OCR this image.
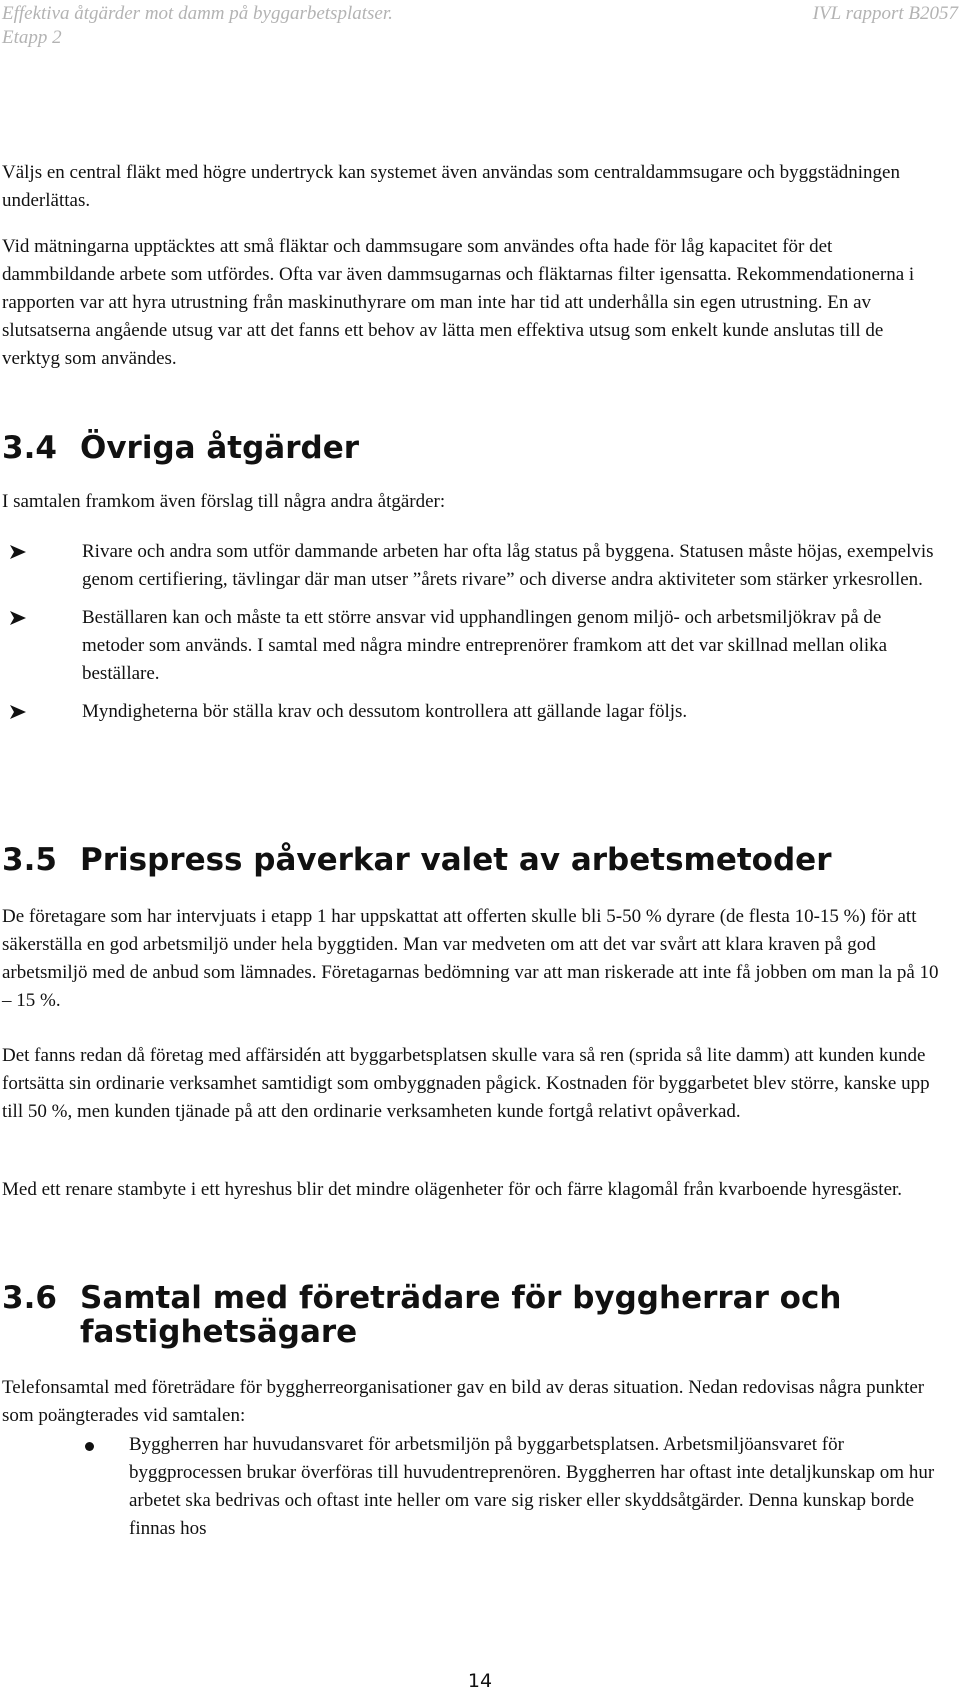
Effektiva åtgärder mot damm på byggarbetsplatser.
Etapp 2
IVL rapport B2057

Väljs en central fläkt med högre undertryck kan systemet även användas som centraldammsugare och byggstädningen underlättas.

Vid mätningarna upptäcktes att små fläktar och dammsugare som användes ofta hade för låg kapacitet för det dammbildande arbete som utfördes. Ofta var även dammsugarnas och fläktarnas filter igensatta. Rekommendationerna i rapporten var att hyra utrustning från maskinuthyrare om man inte har tid att underhålla sin egen utrustning. En av slutsatserna angående utsug var att det fanns ett behov av lätta men effektiva utsug som enkelt kunde anslutas till de verktyg som användes.

3.4 Övriga åtgärder

I samtalen framkom även förslag till några andra åtgärder:

Rivare och andra som utför dammande arbeten har ofta låg status på byggena. Statusen måste höjas, exempelvis genom certifiering, tävlingar där man utser ”årets rivare” och diverse andra aktiviteter som stärker yrkesrollen.
Beställaren kan och måste ta ett större ansvar vid upphandlingen genom miljö- och arbetsmiljökrav på de metoder som används. I samtal med några mindre entreprenörer framkom att det var skillnad mellan olika beställare.
Myndigheterna bör ställa krav och dessutom kontrollera att gällande lagar följs.
3.5 Prispress påverkar valet av arbetsmetoder

De företagare som har intervjuats i etapp 1 har uppskattat att offerten skulle bli 5-50 % dyrare (de flesta 10-15 %) för att säkerställa en god arbetsmiljö under hela byggtiden. Man var medveten om att det var svårt att klara kraven på god arbetsmiljö med de anbud som lämnades. Företagarnas bedömning var att man riskerade att inte få jobben om man la på 10 – 15 %.

Det fanns redan då företag med affärsidén att byggarbetsplatsen skulle vara så ren (sprida så lite damm) att kunden kunde fortsätta sin ordinarie verksamhet samtidigt som ombyggnaden pågick. Kostnaden för byggarbetet blev större, kanske upp till 50 %, men kunden tjänade på att den ordinarie verksamheten kunde fortgå relativt opåverkad.

Med ett renare stambyte i ett hyreshus blir det mindre olägenheter för och färre klagomål från kvarboende hyresgäster.

3.6 Samtal med företrädare för byggherrar och
fastighetsägare

Telefonsamtal med företrädare för byggherreorganisationer gav en bild av deras situation. Nedan redovisas några punkter som poängterades vid samtalen:

Byggherren har huvudansvaret för arbetsmiljön på byggarbetsplatsen. Arbetsmiljöansvaret för byggprocessen brukar överföras till huvudentreprenören. Byggherren har oftast inte detaljkunskap om hur arbetet ska bedrivas och oftast inte heller om vare sig risker eller skyddsåtgärder. Denna kunskap borde finnas hos
14
